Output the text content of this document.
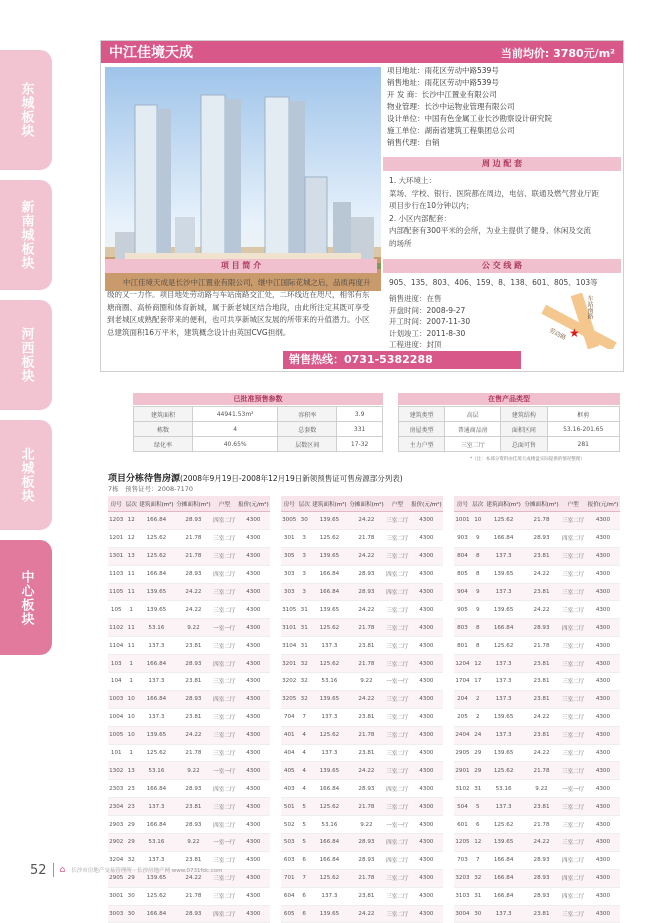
东城板块
新南城板块
河西板块
北城板块
中心板块
中江佳境天成	当前均价: 3780元/m²
项目地址：雨花区劳动中路539号
销售地址：雨花区劳动中路539号
开 发 商：长沙中江置业有限公司
物业管理：长沙中运物业管理有限公司
设计单位：中国有色金属工业长沙勘察设计研究院
施工单位：湖南省建筑工程集团总公司
销售代理：自销
周 边 配 套
1. 大环境上：
菜场、学校、银行、医院都在周边，电信、联通及燃气营业厅距
项目步行在10分钟以内；
2. 小区内部配套：
内部配套有300平米的会所，为业主提供了健身、休闲及交流
的场所
项 目 简 介
中江佳境天成是长沙中江置业有限公司，继中江国际花城之后，品质再度升级的又一力作。项目地处劳动路与车站南路交汇处，二环线近在咫尺，相邻有东塘商圈、高桥商圈和体育新城，属于新老城区结合地段，由此所注定其既可享受到老城区成熟配套带来的便利，也可共享新城区发展的所带来的升值潜力。小区总建筑面积16万平米，建筑概念设计由英国CVG担纲。
公 交 线 路
905、135、803、406、159、8、138、601、805、103等
销售进度：在售
开盘时间：2008-9-27
开工时间：2007-11-30
计划竣工：2011-8-30
工程进度：封顶
★
车站南路
劳动路
销售热线：0731-5382288
已批准预售参数
建筑面积	44941.53m²	容积率	3.9
栋数	4	总套数	331
绿化率	40.65%	层数区间	17-32
在售产品类型
建筑类型	高层	建筑结构	框剪
房屋类型	普通商品房	面积区间	53.16-201.65
主力户型	三室二厅	总面可售	281
*（注：本部分资料由佳境天成楼盘实际提供的情况整理）
项目分栋待售房源(2008年9月19日-2008年12月19日新领预售证可售房源部分列表)
7栋　预售证号：2008-7170
房号	层次	建筑面积(m²)	分摊面积(m²)	户型	报价(元/m²)
1203	12	166.84	28.93	四室二厅	4300
1201	12	125.62	21.78	三室二厅	4300
1301	13	125.62	21.78	三室二厅	4300
1103	11	166.84	28.93	四室二厅	4300
1105	11	139.65	24.22	三室二厅	4300
105	1	139.65	24.22	三室二厅	4300
1102	11	53.16	9.22	一室一厅	4300
1104	11	137.3	23.81	三室二厅	4300
103	1	166.84	28.93	四室二厅	4300
104	1	137.3	23.81	三室二厅	4300
1003	10	166.84	28.93	四室二厅	4300
1004	10	137.3	23.81	三室二厅	4300
1005	10	139.65	24.22	三室二厅	4300
101	1	125.62	21.78	三室二厅	4300
1302	13	53.16	9.22	一室一厅	4300
2303	23	166.84	28.93	四室二厅	4300
2304	23	137.3	23.81	三室二厅	4300
2903	29	166.84	28.93	四室二厅	4300
2902	29	53.16	9.22	一室一厅	4300
3204	32	137.3	23.81	三室二厅	4300
2905	29	139.65	24.22	三室二厅	4300
3001	30	125.62	21.78	三室二厅	4300
3003	30	166.84	28.93	四室二厅	4300
房号	层次	建筑面积(m²)	分摊面积(m²)	户型	报价(元/m²)
3005	30	139.65	24.22	三室二厅	4300
301	3	125.62	21.78	三室二厅	4300
305	3	139.65	24.22	三室二厅	4300
303	3	166.84	28.93	四室二厅	4300
303	3	166.84	28.93	四室二厅	4300
3105	31	139.65	24.22	三室二厅	4300
3101	31	125.62	21.78	三室二厅	4300
3104	31	137.3	23.81	三室二厅	4300
3201	32	125.62	21.78	三室二厅	4300
3202	32	53.16	9.22	一室一厅	4300
3205	32	139.65	24.22	三室二厅	4300
704	7	137.3	23.81	三室二厅	4300
401	4	125.62	21.78	三室二厅	4300
404	4	137.3	23.81	三室二厅	4300
405	4	139.65	24.22	三室二厅	4300
403	4	166.84	28.93	四室二厅	4300
501	5	125.62	21.78	三室二厅	4300
502	5	53.16	9.22	一室一厅	4300
503	5	166.84	28.93	四室二厅	4300
603	6	166.84	28.93	四室二厅	4300
701	7	125.62	21.78	三室二厅	4300
604	6	137.3	23.81	三室二厅	4300
605	6	139.65	24.22	三室二厅	4300
房号	层次	建筑面积(m²)	分摊面积(m²)	户型	报价(元/m²)
1001	10	125.62	21.78	三室二厅	4300
903	9	166.84	28.93	四室二厅	4300
804	8	137.3	23.81	三室二厅	4300
805	8	139.65	24.22	三室二厅	4300
904	9	137.3	23.81	三室二厅	4300
905	9	139.65	24.22	三室二厅	4300
803	8	166.84	28.93	四室二厅	4300
801	8	125.62	21.78	三室二厅	4300
1204	12	137.3	23.81	三室二厅	4300
1704	17	137.3	23.81	三室二厅	4300
204	2	137.3	23.81	三室二厅	4300
205	2	139.65	24.22	三室二厅	4300
2404	24	137.3	23.81	三室二厅	4300
2905	29	139.65	24.22	三室二厅	4300
2901	29	125.62	21.78	三室二厅	4300
3102	31	53.16	9.22	一室一厅	4300
504	5	137.3	23.81	三室二厅	4300
601	6	125.62	21.78	三室二厅	4300
1205	12	139.65	24.22	三室二厅	4300
703	7	166.84	28.93	四室二厅	4300
3203	32	166.84	28.93	四室二厅	4300
3103	31	166.84	28.93	四室二厅	4300
3004	30	137.3	23.81	三室二厅	4300
52 ⌂ 长沙市房地产交易管理所 · 长沙房地产网 www.0731fdc.com
